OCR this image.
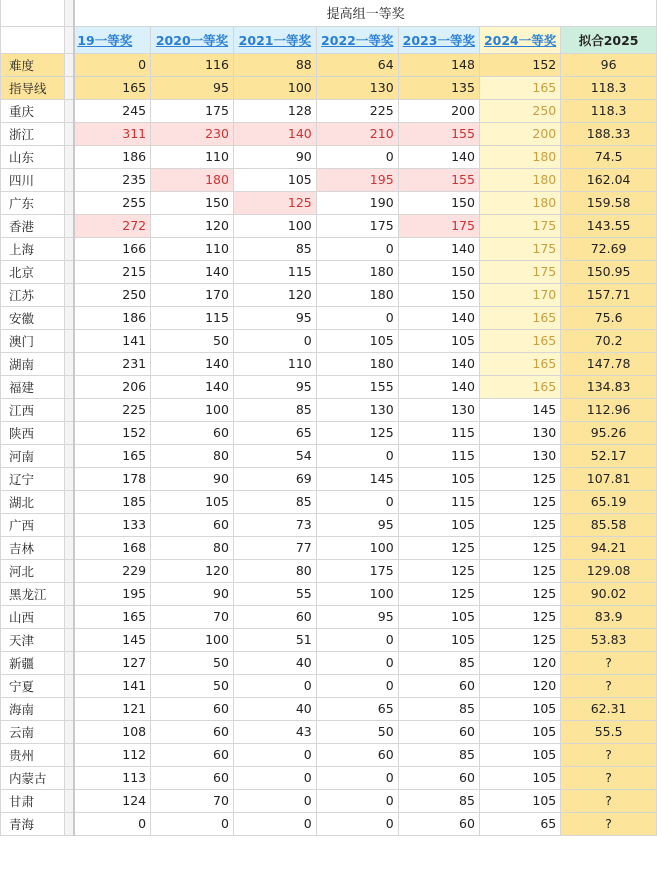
		提高组一等奖						
		19一等奖	2020一等奖	2021一等奖	2022一等奖	2023一等奖	2024一等奖	拟合2025
难度		0	116	88	64	148	152	96
指导线		165	95	100	130	135	165	118.3
重庆		245	175	128	225	200	250	118.3
浙江		311	230	140	210	155	200	188.33
山东		186	110	90	0	140	180	74.5
四川		235	180	105	195	155	180	162.04
广东		255	150	125	190	150	180	159.58
香港		272	120	100	175	175	175	143.55
上海		166	110	85	0	140	175	72.69
北京		215	140	115	180	150	175	150.95
江苏		250	170	120	180	150	170	157.71
安徽		186	115	95	0	140	165	75.6
澳门		141	50	0	105	105	165	70.2
湖南		231	140	110	180	140	165	147.78
福建		206	140	95	155	140	165	134.83
江西		225	100	85	130	130	145	112.96
陕西		152	60	65	125	115	130	95.26
河南		165	80	54	0	115	130	52.17
辽宁		178	90	69	145	105	125	107.81
湖北		185	105	85	0	115	125	65.19
广西		133	60	73	95	105	125	85.58
吉林		168	80	77	100	125	125	94.21
河北		229	120	80	175	125	125	129.08
黑龙江		195	90	55	100	125	125	90.02
山西		165	70	60	95	105	125	83.9
天津		145	100	51	0	105	125	53.83
新疆		127	50	40	0	85	120	?
宁夏		141	50	0	0	60	120	?
海南		121	60	40	65	85	105	62.31
云南		108	60	43	50	60	105	55.5
贵州		112	60	0	60	85	105	?
内蒙古		113	60	0	0	60	105	?
甘肃		124	70	0	0	85	105	?
青海		0	0	0	0	60	65	?
